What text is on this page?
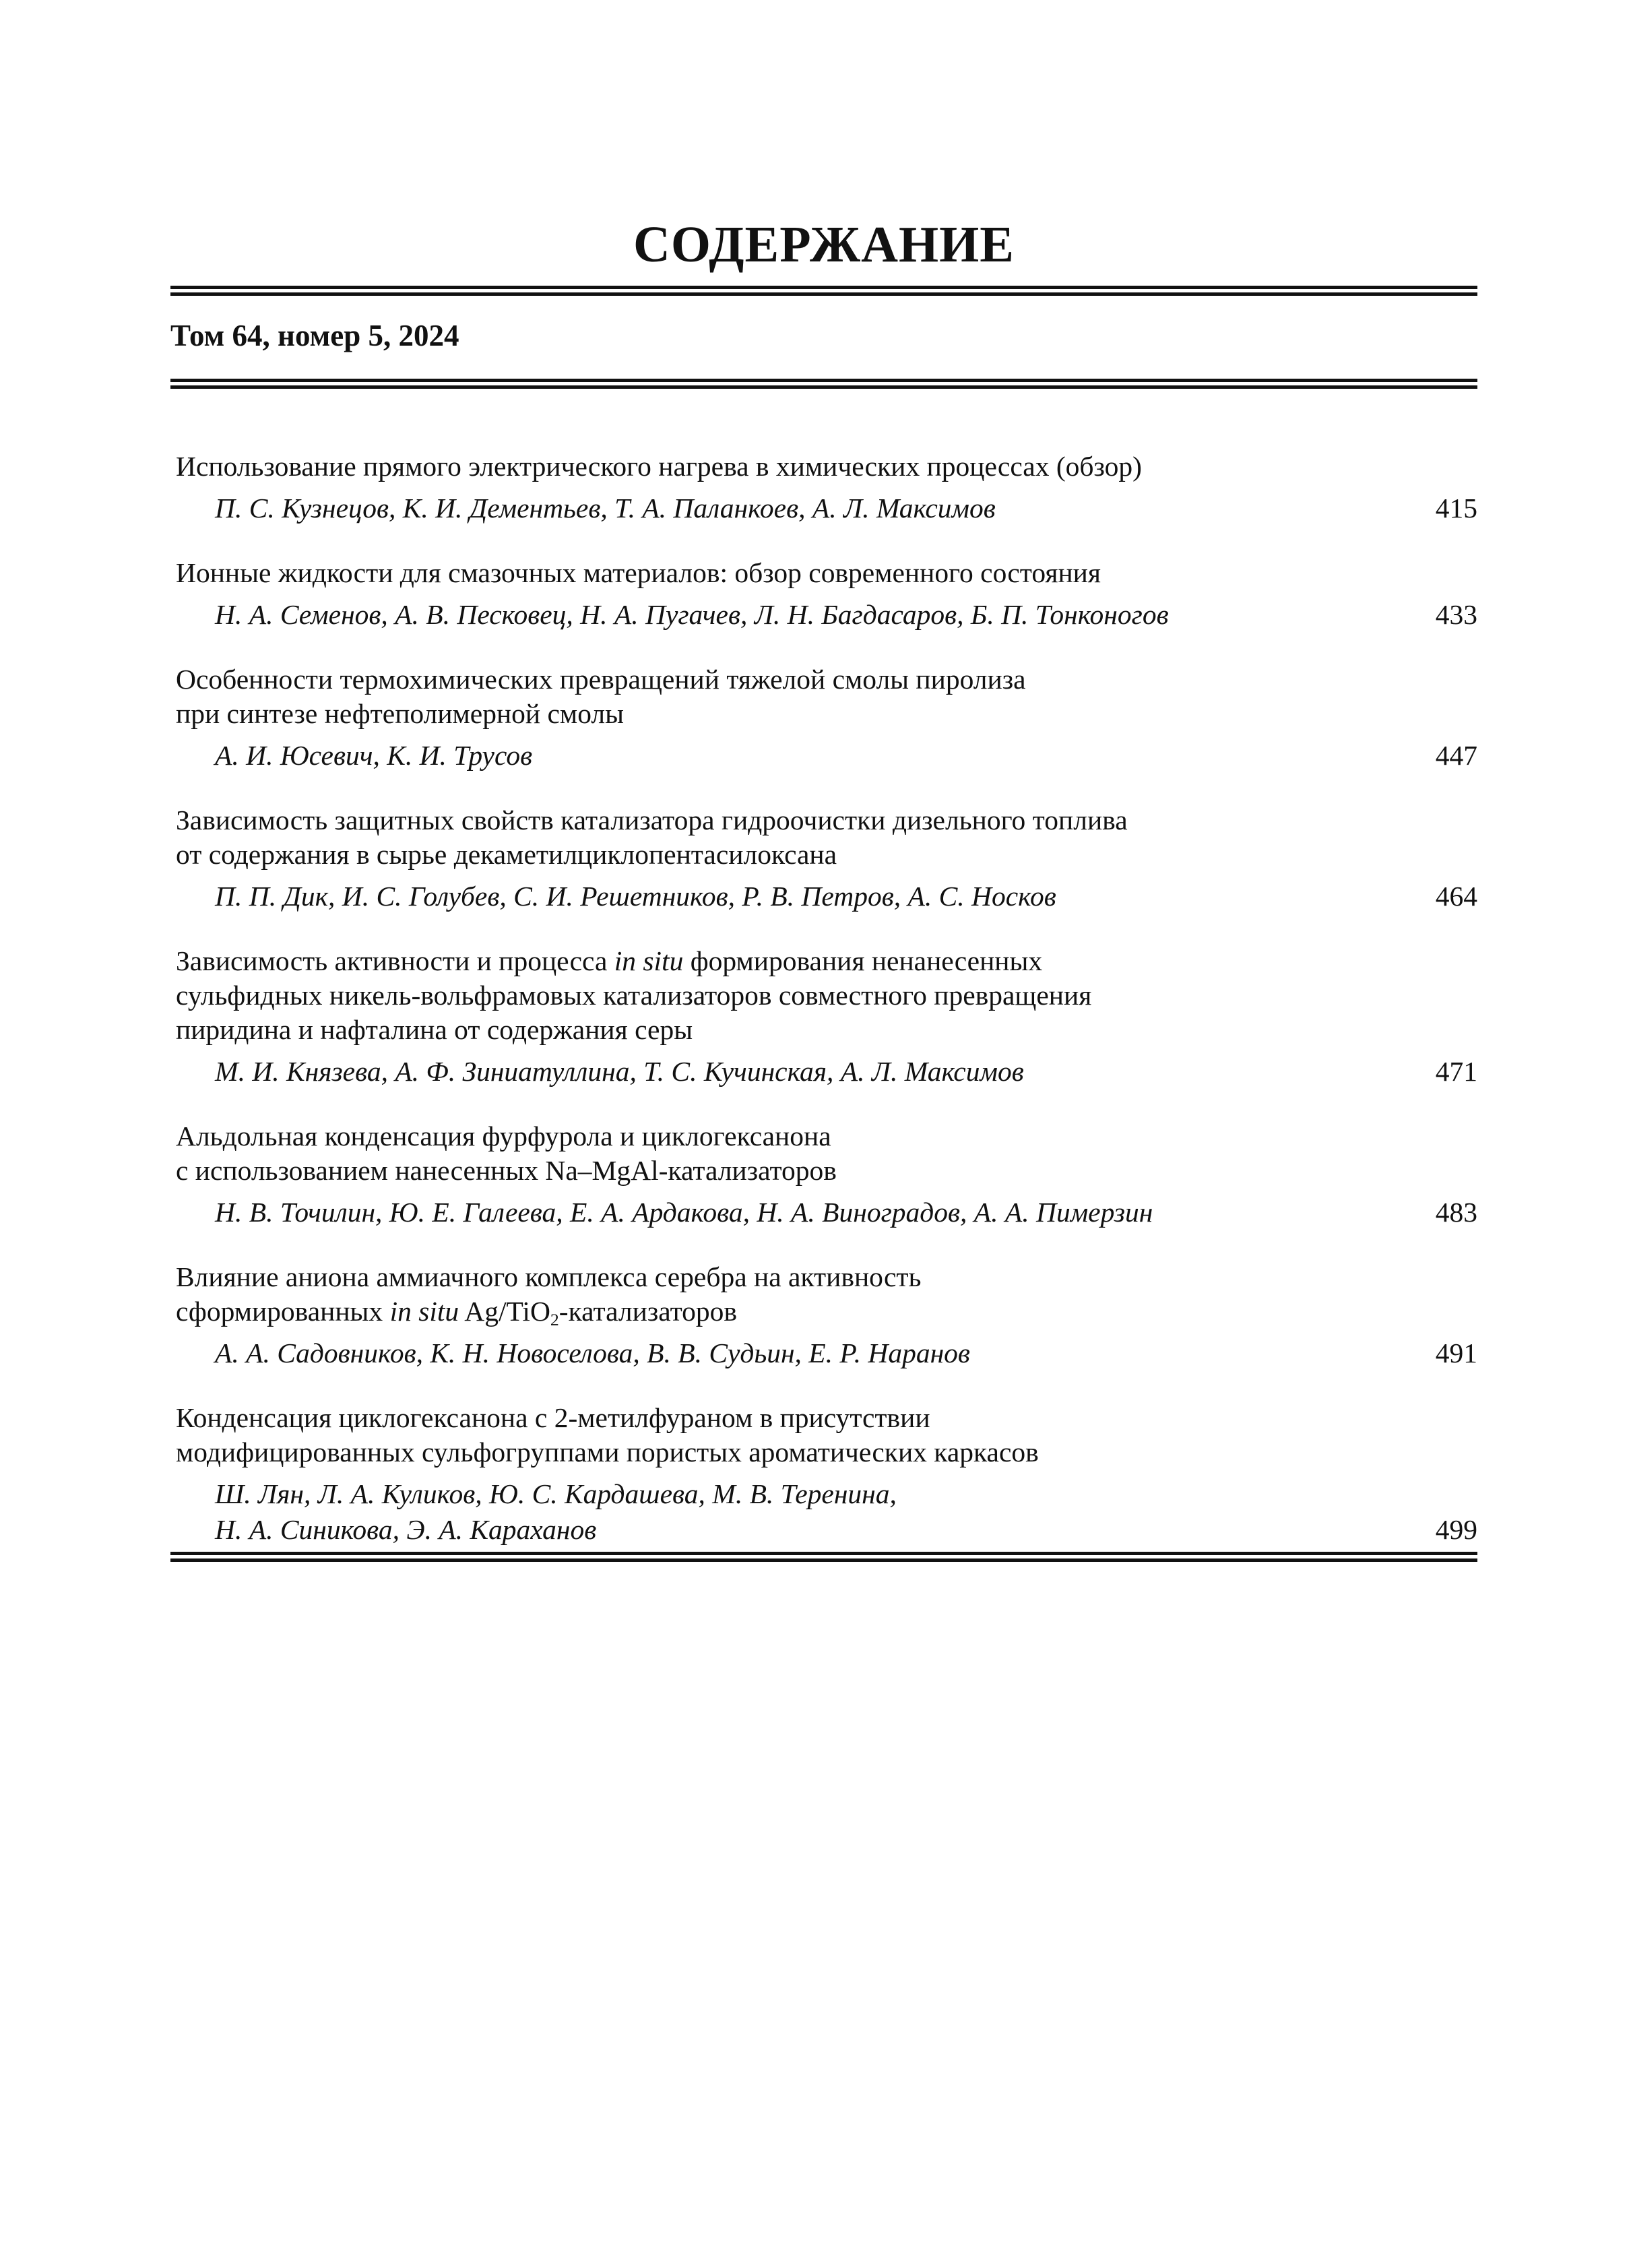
СОДЕРЖАНИЕ
Том 64, номер 5, 2024
Использование прямого электрического нагрева в химических процессах (обзор)
П. С. Кузнецов, К. И. Дементьев, Т. А. Паланкоев, А. Л. Максимов	415
Ионные жидкости для смазочных материалов: обзор современного состояния
Н. А. Семенов, А. В. Песковец, Н. А. Пугачев, Л. Н. Багдасаров, Б. П. Тонконогов	433
Особенности термохимических превращений тяжелой смолы пиролиза
при синтезе нефтеполимерной смолы
А. И. Юсевич, К. И. Трусов	447
Зависимость защитных свойств катализатора гидроочистки дизельного топлива
от содержания в сырье декаметилциклопентасилоксана
П. П. Дик, И. С. Голубев, С. И. Решетников, Р. В. Петров, А. С. Носков	464
Зависимость активности и процесса in situ формирования ненанесенных
сульфидных никель-вольфрамовых катализаторов совместного превращения
пиридина и нафталина от содержания серы
М. И. Князева, А. Ф. Зиниатуллина, Т. С. Кучинская, А. Л. Максимов	471
Альдольная конденсация фурфурола и циклогексанона
с использованием нанесенных Na–MgAl-катализаторов
Н. В. Точилин, Ю. Е. Галеева, Е. А. Ардакова, Н. А. Виноградов, А. А. Пимерзин	483
Влияние аниона аммиачного комплекса серебра на активность
сформированных in situ Ag/TiO$_2$-катализаторов
А. А. Садовников, К. Н. Новоселова, В. В. Судьин, Е. Р. Наранов	491
Конденсация циклогексанона с 2-метилфураном в присутствии
модифицированных сульфогруппами пористых ароматических каркасов
Ш. Лян, Л. А. Куликов, Ю. С. Кардашева, М. В. Теренина,
Н. А. Синикова, Э. А. Караханов	499
